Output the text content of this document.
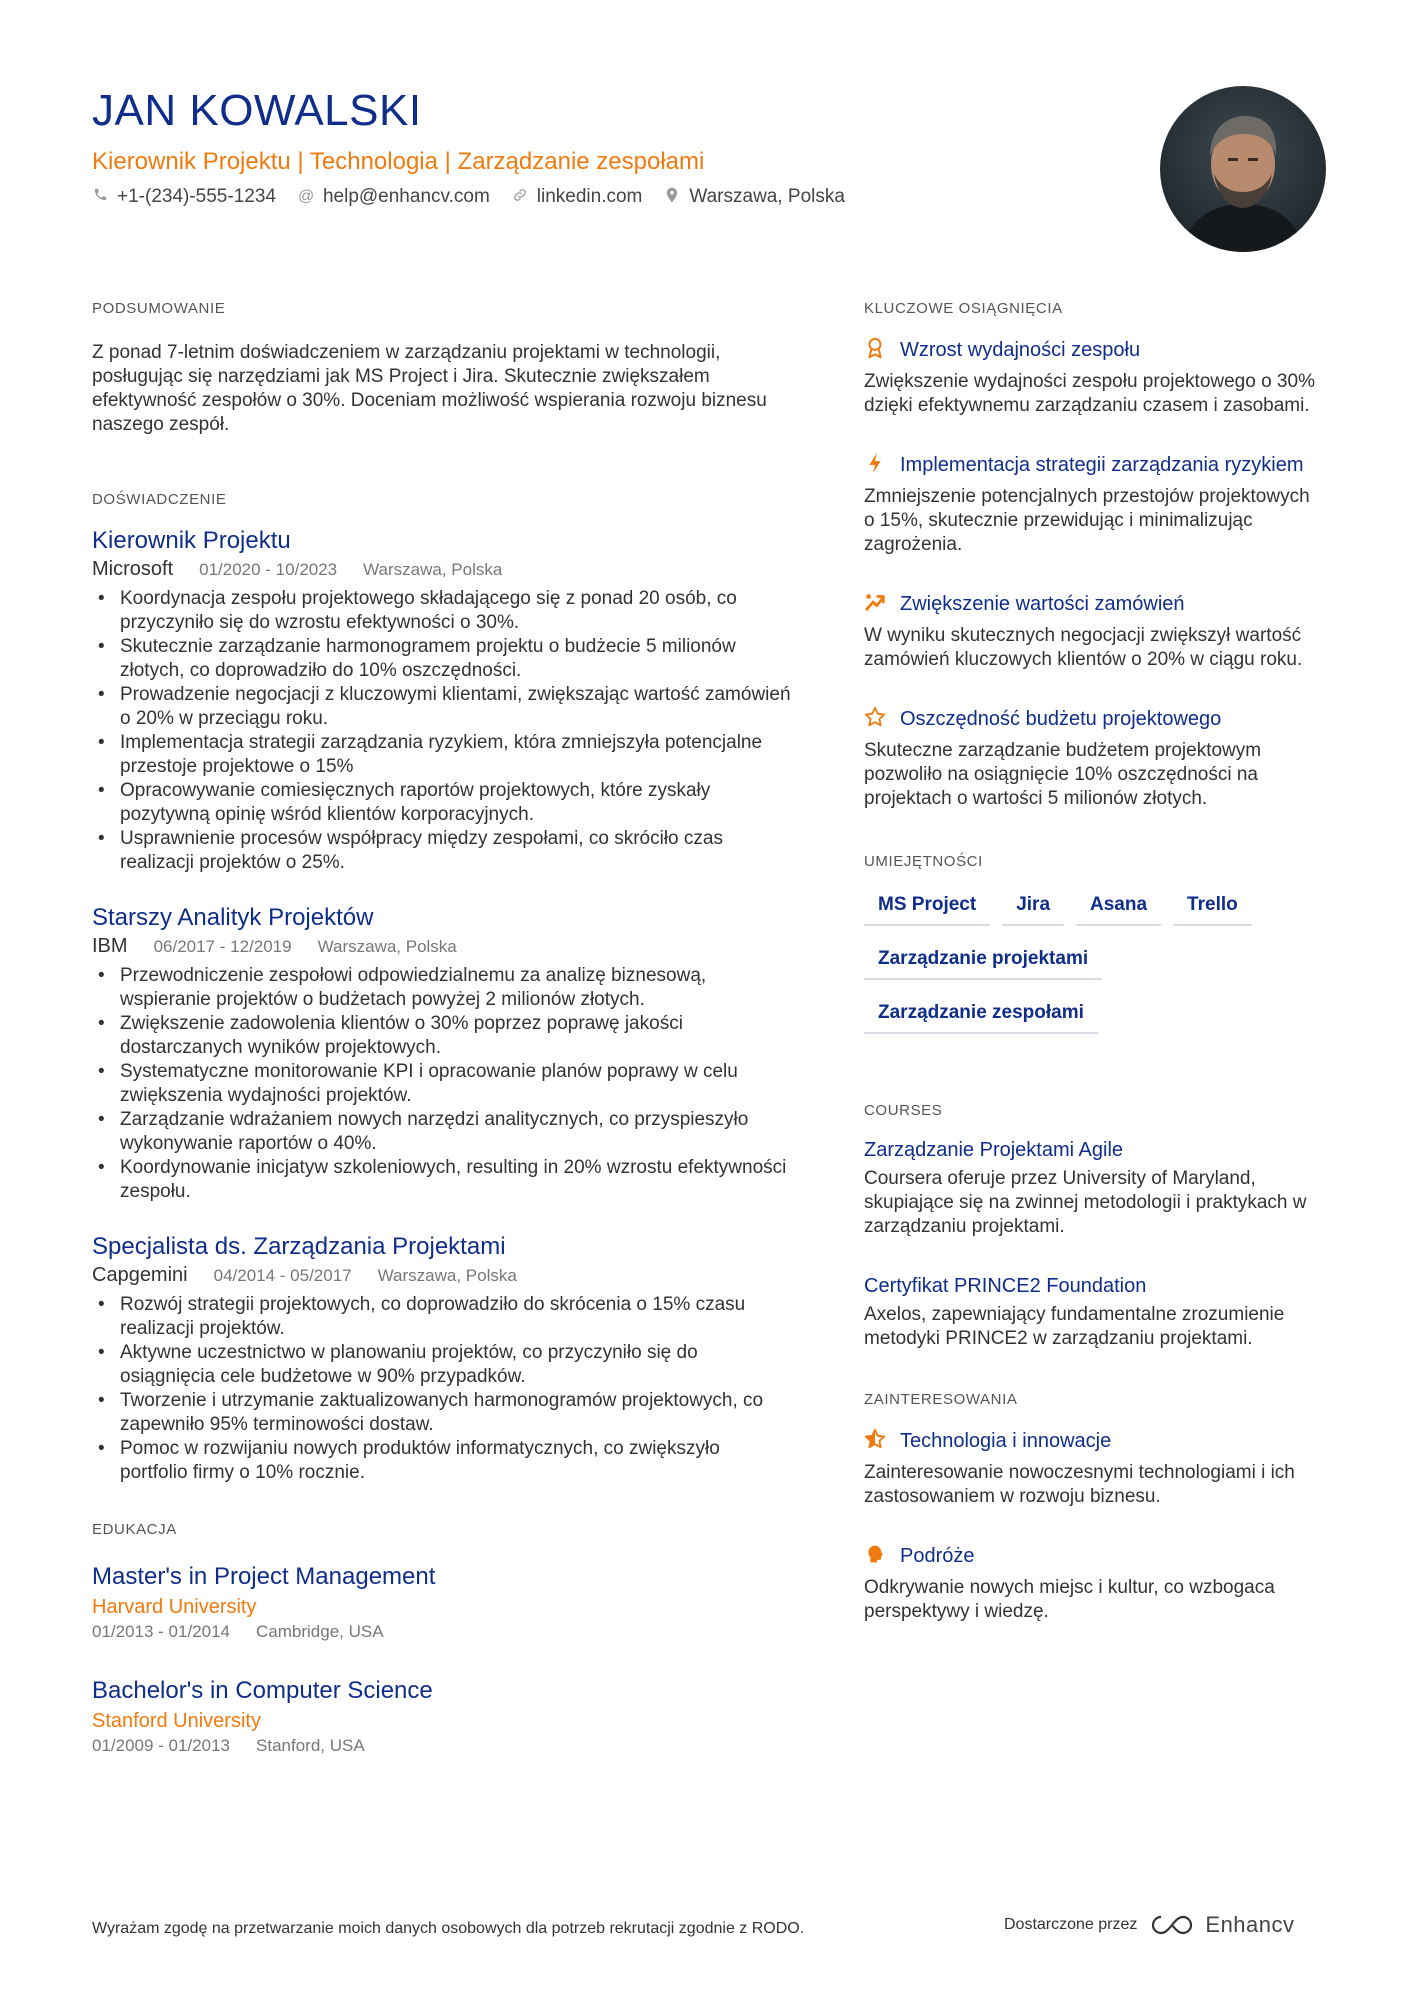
JAN KOWALSKI
Kierownik Projektu | Technologia | Zarządzanie zespołami
+1-(234)-555-1234 @ help@enhancv.com linkedin.com Warszawa, Polska
PODSUMOWANIE
Z ponad 7-letnim doświadczeniem w zarządzaniu projektami w technologii, posługując się narzędziami jak MS Project i Jira. Skutecznie zwiększałem efektywność zespołów o 30%. Doceniam możliwość wspierania rozwoju biznesu naszego zespół.
DOŚWIADCZENIE
Kierownik Projektu
Microsoft 01/2020 - 10/2023 Warszawa, Polska
• Koordynacja zespołu projektowego składającego się z ponad 20 osób, co przyczyniło się do wzrostu efektywności o 30%.
• Skutecznie zarządzanie harmonogramem projektu o budżecie 5 milionów złotych, co doprowadziło do 10% oszczędności.
• Prowadzenie negocjacji z kluczowymi klientami, zwiększając wartość zamówień o 20% w przeciągu roku.
• Implementacja strategii zarządzania ryzykiem, która zmniejszyła potencjalne przestoje projektowe o 15%
• Opracowywanie comiesięcznych raportów projektowych, które zyskały pozytywną opinię wśród klientów korporacyjnych.
• Usprawnienie procesów współpracy między zespołami, co skróciło czas realizacji projektów o 25%.
Starszy Analityk Projektów
IBM 06/2017 - 12/2019 Warszawa, Polska
• Przewodniczenie zespołowi odpowiedzialnemu za analizę biznesową, wspieranie projektów o budżetach powyżej 2 milionów złotych.
• Zwiększenie zadowolenia klientów o 30% poprzez poprawę jakości dostarczanych wyników projektowych.
• Systematyczne monitorowanie KPI i opracowanie planów poprawy w celu zwiększenia wydajności projektów.
• Zarządzanie wdrażaniem nowych narzędzi analitycznych, co przyspieszyło wykonywanie raportów o 40%.
• Koordynowanie inicjatyw szkoleniowych, resulting in 20% wzrostu efektywności zespołu.
Specjalista ds. Zarządzania Projektami
Capgemini 04/2014 - 05/2017 Warszawa, Polska
• Rozwój strategii projektowych, co doprowadziło do skrócenia o 15% czasu realizacji projektów.
• Aktywne uczestnictwo w planowaniu projektów, co przyczyniło się do osiągnięcia cele budżetowe w 90% przypadków.
• Tworzenie i utrzymanie zaktualizowanych harmonogramów projektowych, co zapewniło 95% terminowości dostaw.
• Pomoc w rozwijaniu nowych produktów informatycznych, co zwiększyło portfolio firmy o 10% rocznie.
EDUKACJA
Master's in Project Management
Harvard University
01/2013 - 01/2014 Cambridge, USA
Bachelor's in Computer Science
Stanford University
01/2009 - 01/2013 Stanford, USA
KLUCZOWE OSIĄGNIĘCIA
Wzrost wydajności zespołu
Zwiększenie wydajności zespołu projektowego o 30% dzięki efektywnemu zarządzaniu czasem i zasobami.
Implementacja strategii zarządzania ryzykiem
Zmniejszenie potencjalnych przestojów projektowych o 15%, skutecznie przewidując i minimalizując zagrożenia.
Zwiększenie wartości zamówień
W wyniku skutecznych negocjacji zwiększył wartość zamówień kluczowych klientów o 20% w ciągu roku.
Oszczędność budżetu projektowego
Skuteczne zarządzanie budżetem projektowym pozwoliło na osiągnięcie 10% oszczędności na projektach o wartości 5 milionów złotych.
UMIEJĘTNOŚCI
MS Project	Jira	Asana	Trello
Zarządzanie projektami
Zarządzanie zespołami
COURSES
Zarządzanie Projektami Agile
Coursera oferuje przez University of Maryland, skupiające się na zwinnej metodologii i praktykach w zarządzaniu projektami.
Certyfikat PRINCE2 Foundation
Axelos, zapewniający fundamentalne zrozumienie metodyki PRINCE2 w zarządzaniu projektami.
ZAINTERESOWANIA
Technologia i innowacje
Zainteresowanie nowoczesnymi technologiami i ich zastosowaniem w rozwoju biznesu.
Podróże
Odkrywanie nowych miejsc i kultur, co wzbogaca perspektywy i wiedzę.
Wyrażam zgodę na przetwarzanie moich danych osobowych dla potrzeb rekrutacji zgodnie z RODO.	Dostarczone przez	Enhancv
